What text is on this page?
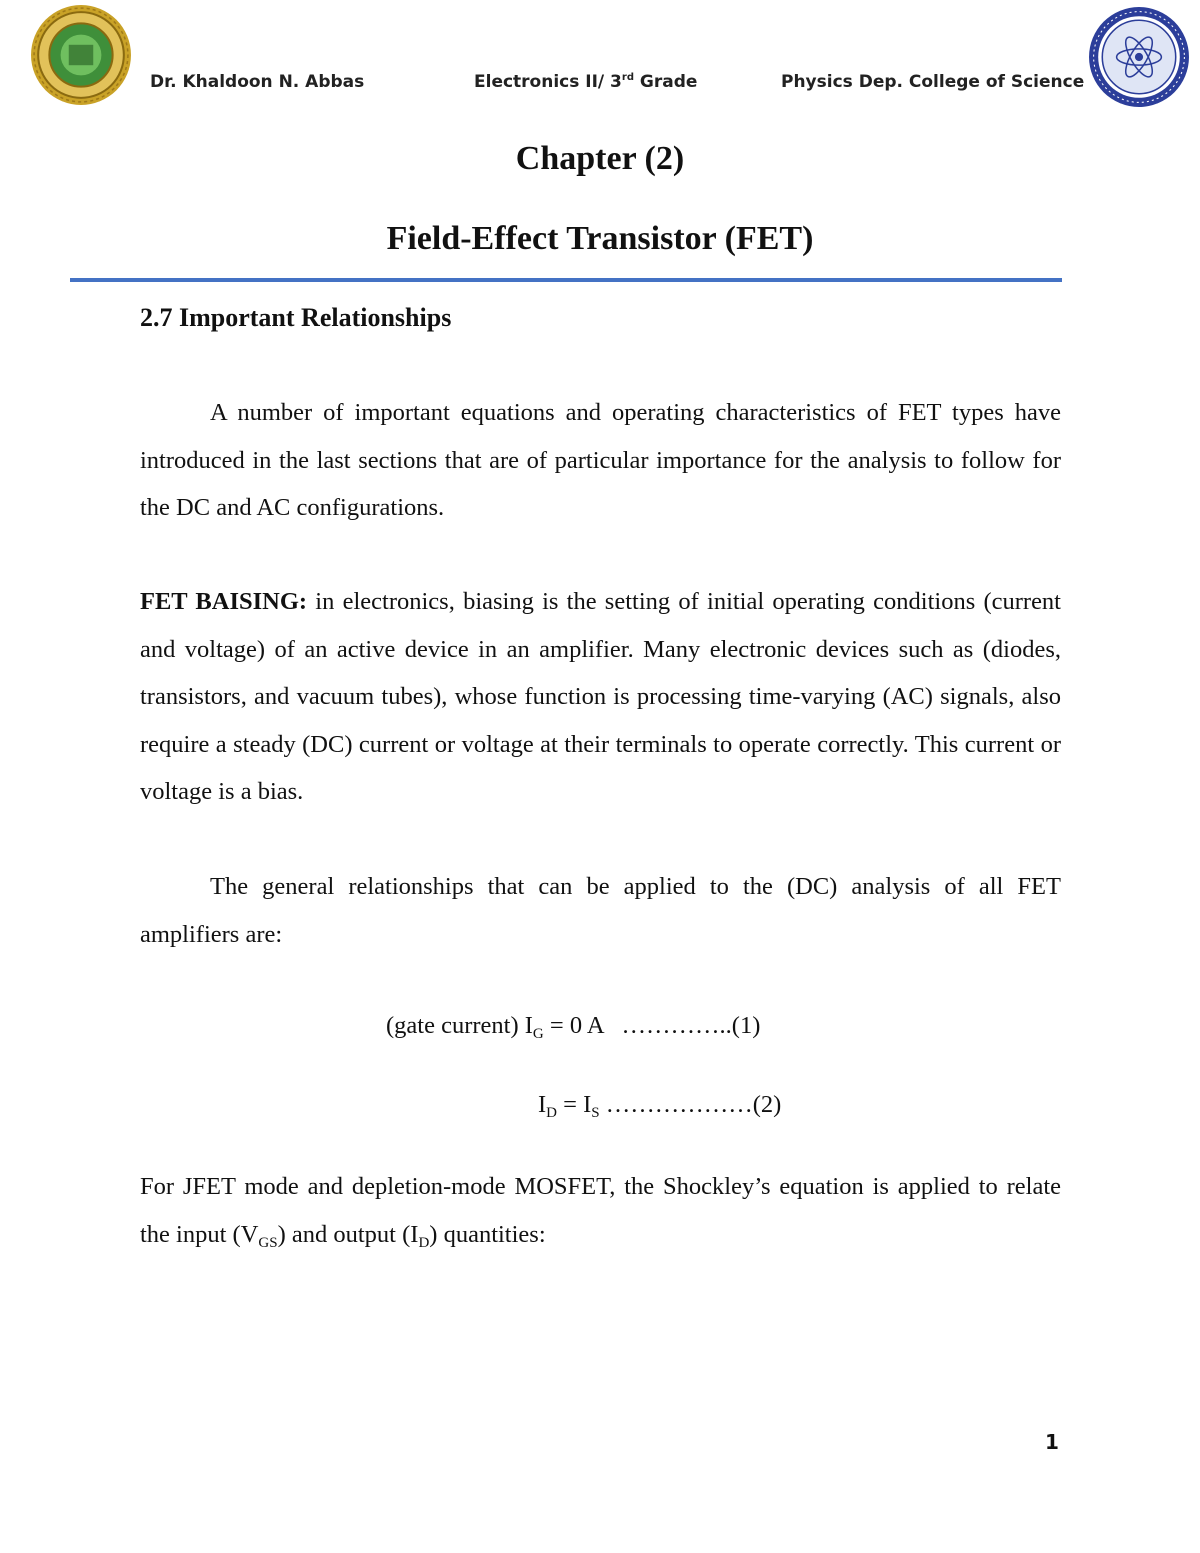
Dr. Khaldoon N. Abbas	Electronics II/ 3rd Grade	Physics Dep. College of Science
Chapter (2)
Field-Effect Transistor (FET)
2.7 Important Relationships
A number of important equations and operating characteristics of FET types have introduced in the last sections that are of particular importance for the analysis to follow for the DC and AC configurations.
FET BAISING: in electronics, biasing is the setting of initial operating conditions (current and voltage) of an active device in an amplifier. Many electronic devices such as (diodes, transistors, and vacuum tubes), whose function is processing time-varying (AC) signals, also require a steady (DC) current or voltage at their terminals to operate correctly. This current or voltage is a bias.
The general relationships that can be applied to the (DC) analysis of all FET amplifiers are:
(gate current) $I_G = 0$ A   …………..(1)
$I_D = I_S$ ………………(2)
For JFET mode and depletion-mode MOSFET, the Shockley’s equation is applied to relate the input $(V_{GS})$ and output $(I_D)$ quantities:
1
